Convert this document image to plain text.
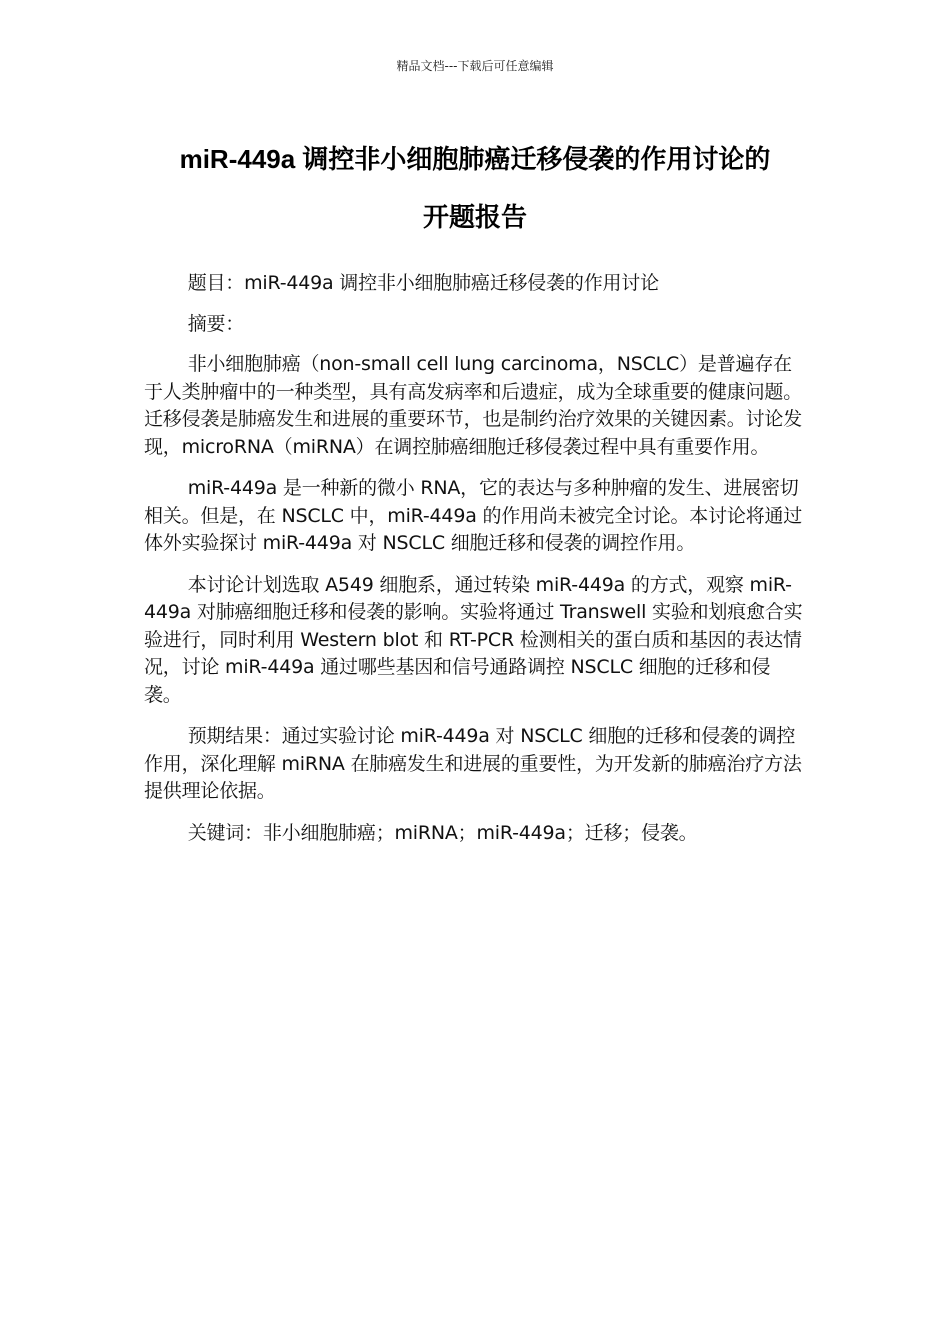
精品文档---下载后可任意编辑
miR-449a 调控非小细胞肺癌迁移侵袭的作用讨论的
开题报告

题目：miR-449a 调控非小细胞肺癌迁移侵袭的作用讨论

摘要：

非小细胞肺癌（non-small cell lung carcinoma，NSCLC）是普遍存在于人类肿瘤中的一种类型，具有高发病率和后遗症，成为全球重要的健康问题。迁移侵袭是肺癌发生和进展的重要环节，也是制约治疗效果的关键因素。讨论发现，microRNA（miRNA）在调控肺癌细胞迁移侵袭过程中具有重要作用。

miR-449a 是一种新的微小 RNA，它的表达与多种肿瘤的发生、进展密切相关。但是，在 NSCLC 中，miR-449a 的作用尚未被完全讨论。本讨论将通过体外实验探讨 miR-449a 对 NSCLC 细胞迁移和侵袭的调控作用。

本讨论计划选取 A549 细胞系，通过转染 miR-449a 的方式，观察 miR-449a 对肺癌细胞迁移和侵袭的影响。实验将通过 Transwell 实验和划痕愈合实验进行，同时利用 Western blot 和 RT-PCR 检测相关的蛋白质和基因的表达情况，讨论 miR-449a 通过哪些基因和信号通路调控 NSCLC 细胞的迁移和侵袭。

预期结果：通过实验讨论 miR-449a 对 NSCLC 细胞的迁移和侵袭的调控作用，深化理解 miRNA 在肺癌发生和进展的重要性，为开发新的肺癌治疗方法提供理论依据。

关键词：非小细胞肺癌；miRNA；miR-449a；迁移；侵袭。
